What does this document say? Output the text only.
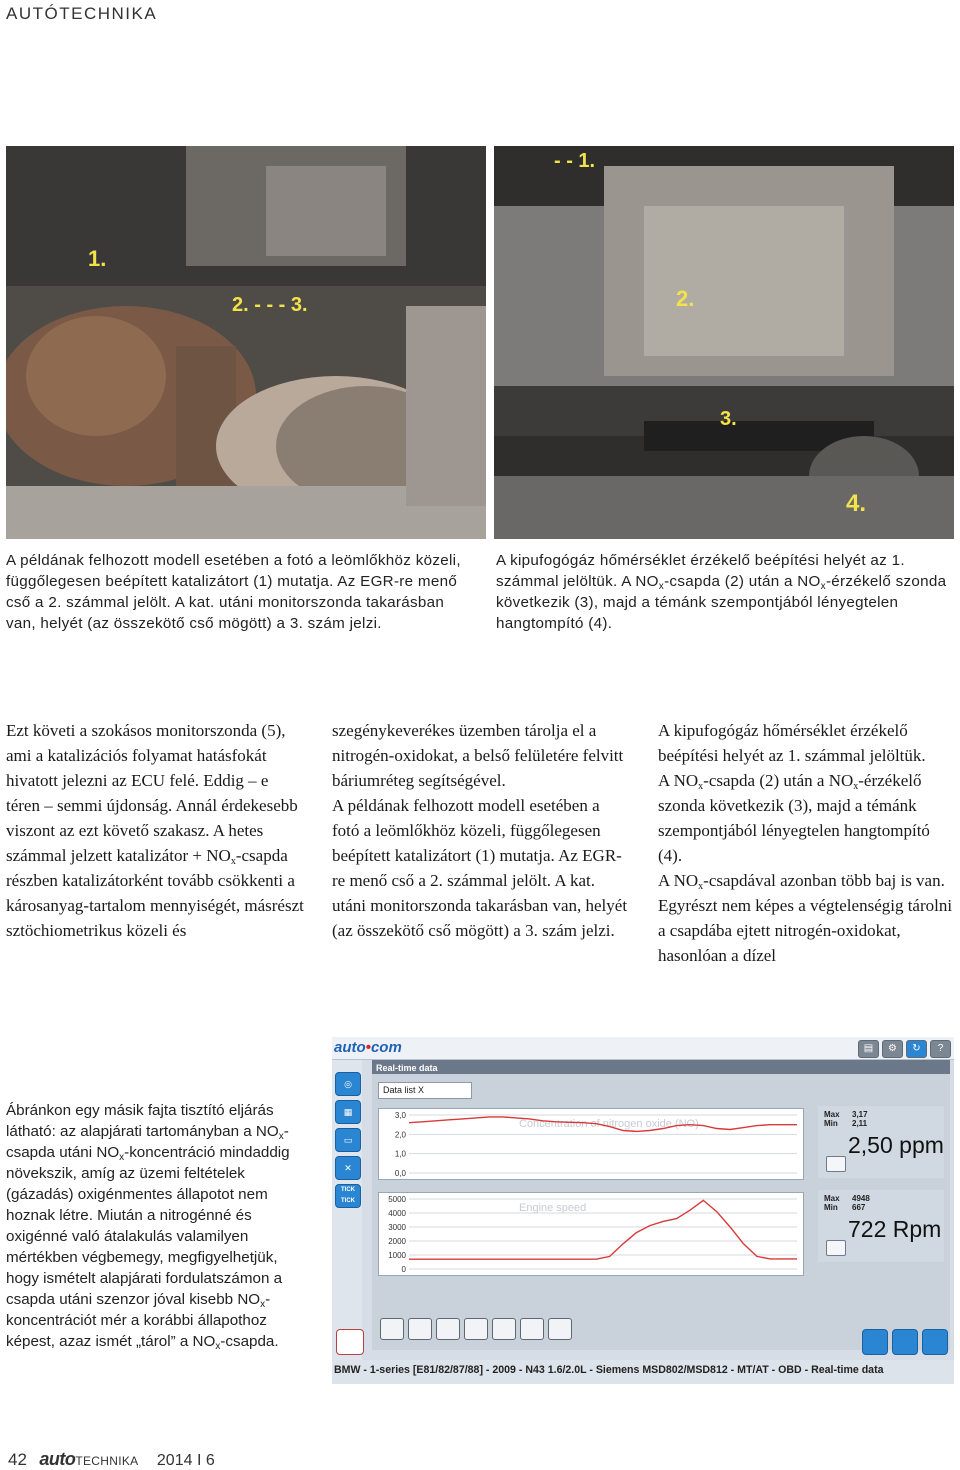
AUTÓTECHNIKA
1.
2. - - - 3.
- - 1.
2.
3.
4.

A példának felhozott modell esetében a fotó a leömlőkhöz közeli, függőlegesen beépített katalizátort (1) mutatja. Az EGR-re menő cső a 2. számmal jelölt. A kat. utáni monitorszonda takarásban van, helyét (az összekötő cső mögött) a 3. szám jelzi.

A kipufogógáz hőmérséklet érzékelő beépítési helyét az 1. számmal jelöltük. A $NO_x$-csapda (2) után a $NO_x$-érzékelő szonda következik (3), majd a témánk szempontjából lényegtelen hangtompító (4).

Ezt követi a szokásos monitorszonda (5), ami a katalizációs folyamat hatásfokát hivatott jelezni az ECU felé. Eddig – e téren – semmi újdonság. Annál érdekesebb viszont az ezt követő szakasz. A hetes számmal jelzett katalizátor + $NO_x$-csapda részben katalizátorként tovább csökkenti a károsanyag-tartalom mennyiségét, másrészt sztöchiometrikus közeli és

szegénykeverékes üzemben tárolja el a nitrogén-oxidokat, a belső felületére felvitt báriumréteg segítségével.

A példának felhozott modell esetében a fotó a leömlőkhöz közeli, függőlegesen beépített katalizátort (1) mutatja. Az EGR-re menő cső a 2. számmal jelölt. A kat. utáni monitorszonda takarásban van, helyét (az összekötő cső mögött) a 3. szám jelzi.

A kipufogógáz hőmérséklet érzékelő beépítési helyét az 1. számmal jelöltük.

A $NO_x$-csapda (2) után a $NO_x$-érzékelő szonda következik (3), majd a témánk szempontjából lényegtelen hangtompító (4).

A $NO_x$-csapdával azonban több baj is van. Egyrészt nem képes a végtelenségig tárolni a csapdába ejtett nitrogén-oxidokat, hasonlóan a dízel

Ábránkon egy másik fajta tisztító eljárás látható: az alapjárati tartományban a $NO_x$-csapda utáni $NO_x$-koncentráció mindaddig növekszik, amíg az üzemi feltételek (gázadás) oxigénmentes állapotot nem hoznak létre. Miután a nitrogénné és oxigénné való átalakulás valamilyen mértékben végbemegy, megfigyelhetjük, hogy ismételt alapjárati fordulatszámon a csapda utáni szenzor jóval kisebb $NO_x$-koncentrációt mér a korábbi állapothoz képest, azaz ismét „tárol” a $NO_x$-csapda.

auto•com	▤	⚙	↻	?
◎
▦
▭
✕
TICK TICK
Real-time data
Data list X
3,0
2,0
1,0
0,0
Concentration of nitrogen oxide (NO)
Max 3,17
Min 2,11
2,50 ppm
5000
4000
3000
2000
1000
0
Engine speed
Max 4948
Min 667
722 Rpm
BMW - 1-series [E81/82/87/88] - 2009 - N43 1.6/2.0L - Siemens MSD802/MSD812 - MT/AT - OBD - Real-time data
42 autoTECHNIKA 2014 I 6
